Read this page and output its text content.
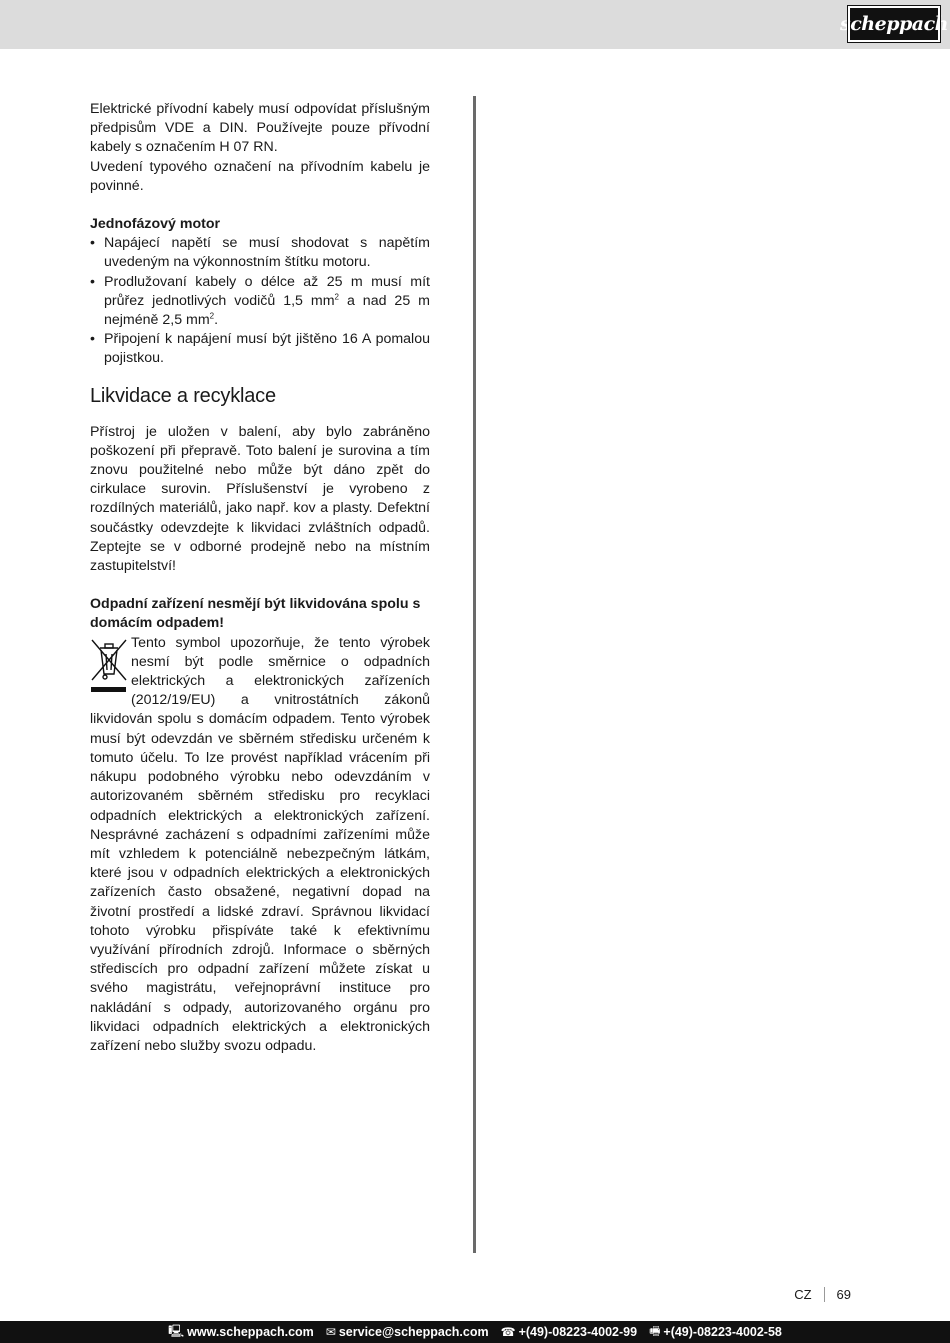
scheppach

Elektrické přívodní kabely musí odpovídat příslušným předpisům VDE a DIN. Používejte pouze přívodní kabely s označením H 07 RN.

Uvedení typového označení na přívodním kabelu je povinné.

Jednofázový motor

• Napájecí napětí se musí shodovat s napětím uvedeným na výkonnostním štítku motoru.
• Prodlužovaní kabely o délce až 25 m musí mít průřez jednotlivých vodičů 1,5 $mm^2$ a nad 25 m nejméně 2,5 $mm^2$.
• Připojení k napájení musí být jištěno 16 A pomalou pojistkou.
Likvidace a recyklace

Přístroj je uložen v balení, aby bylo zabráněno poškození při přepravě. Toto balení je surovina a tím znovu použitelné nebo může být dáno zpět do cirkulace surovin. Příslušenství je vyrobeno z rozdílných materiálů, jako např. kov a plasty. Defektní součástky odevzdejte k likvidaci zvláštních odpadů. Zeptejte se v odborné prodejně nebo na místním zastupitelství!

Odpadní zařízení nesmějí být likvidována spolu s domácím odpadem!

Tento symbol upozorňuje, že tento výrobek nesmí být podle směrnice o odpadních elektrických a elektronických zařízeních (2012/19/EU) a vnitrostátních zákonů likvidován spolu s domácím odpadem. Tento výrobek musí být odevzdán ve sběrném středisku určeném k tomuto účelu. To lze provést například vrácením při nákupu podobného výrobku nebo odevzdáním v autorizovaném sběrném středisku pro recyklaci odpadních elektrických a elektronických zařízení. Nesprávné zacházení s odpadními zařízeními může mít vzhledem k potenciálně nebezpečným látkám, které jsou v odpadních elektrických a elektronických zařízeních často obsažené, negativní dopad na životní prostředí a lidské zdraví. Správnou likvidací tohoto výrobku přispíváte také k efektivnímu využívání přírodních zdrojů. Informace o sběrných střediscích pro odpadní zařízení můžete získat u svého magistrátu, veřejnoprávní instituce pro nakládání s odpady, autorizovaného orgánu pro likvidaci odpadních elektrických a elektronických zařízení nebo služby svozu odpadu.

CZ	69
🖳 www.scheppach.com ✉ service@scheppach.com ☎ +(49)-08223-4002-99 🖷 +(49)-08223-4002-58
